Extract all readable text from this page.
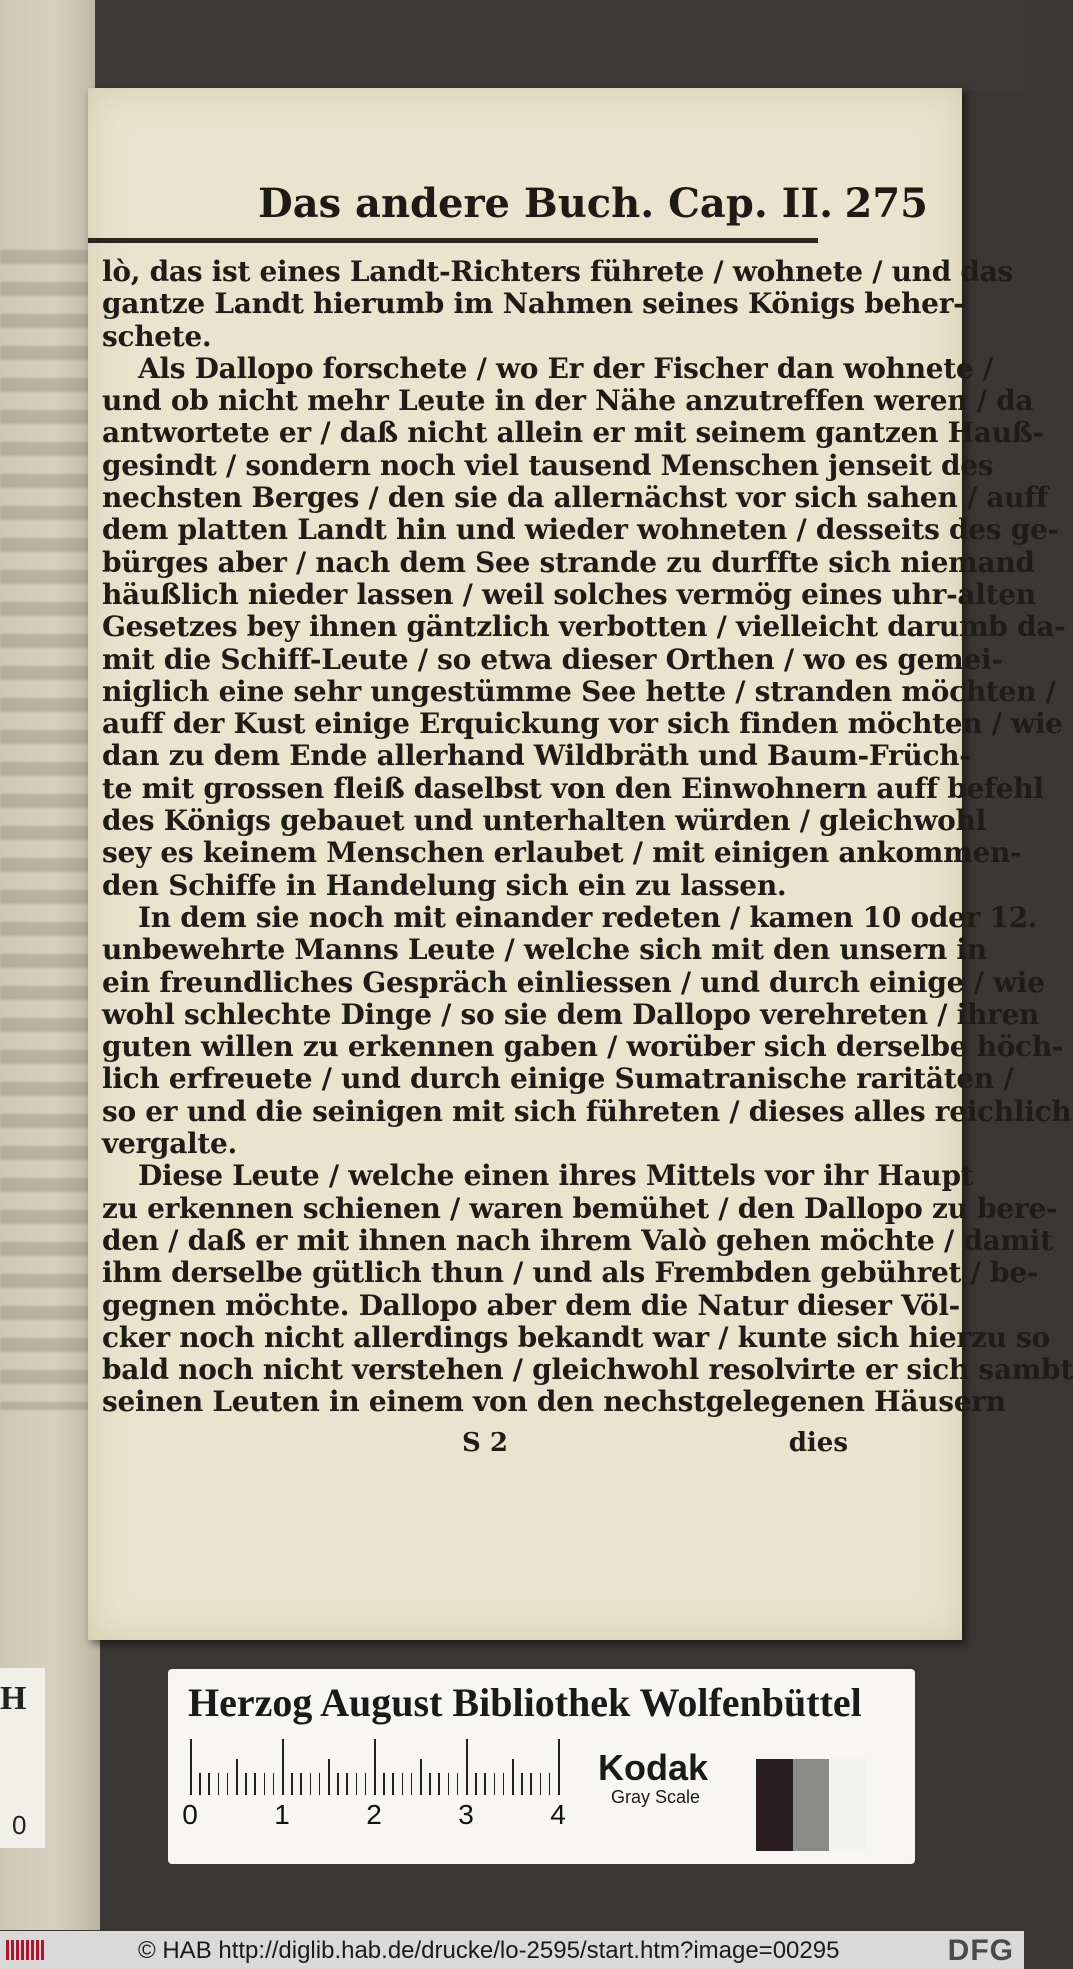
Das andere Buch. Cap. II. 275
lò, das ist eines Landt-Richters führete / wohnete / und das
gantze Landt hierumb im Nahmen seines Königs beher-
schete.
Als Dallopo forschete / wo Er der Fischer dan wohnete /
und ob nicht mehr Leute in der Nähe anzutreffen weren / da
antwortete er / daß nicht allein er mit seinem gantzen Hauß-
gesindt / sondern noch viel tausend Menschen jenseit des
nechsten Berges / den sie da allernächst vor sich sahen / auff
dem platten Landt hin und wieder wohneten / desseits des ge-
bürges aber / nach dem See strande zu durffte sich niemand
häußlich nieder lassen / weil solches vermög eines uhr-alten
Gesetzes bey ihnen gäntzlich verbotten / vielleicht darumb da-
mit die Schiff-Leute / so etwa dieser Orthen / wo es gemei-
niglich eine sehr ungestümme See hette / stranden möchten /
auff der Kust einige Erquickung vor sich finden möchten / wie
dan zu dem Ende allerhand Wildbräth und Baum-Früch-
te mit grossen fleiß daselbst von den Einwohnern auff befehl
des Königs gebauet und unterhalten würden / gleichwohl
sey es keinem Menschen erlaubet / mit einigen ankommen-
den Schiffe in Handelung sich ein zu lassen.
In dem sie noch mit einander redeten / kamen 10 oder 12.
unbewehrte Manns Leute / welche sich mit den unsern in
ein freundliches Gespräch einliessen / und durch einige / wie
wohl schlechte Dinge / so sie dem Dallopo verehreten / ihren
guten willen zu erkennen gaben / worüber sich derselbe höch-
lich erfreuete / und durch einige Sumatranische raritäten /
so er und die seinigen mit sich führeten / dieses alles reichlich
vergalte.
Diese Leute / welche einen ihres Mittels vor ihr Haupt
zu erkennen schienen / waren bemühet / den Dallopo zu bere-
den / daß er mit ihnen nach ihrem Valò gehen möchte / damit
ihm derselbe gütlich thun / und als Frembden gebühret / be-
gegnen möchte. Dallopo aber dem die Natur dieser Völ-
cker noch nicht allerdings bekandt war / kunte sich hierzu so
bald noch nicht verstehen / gleichwohl resolvirte er sich sambt
seinen Leuten in einem von den nechstgelegenen Häusern
S 2	dies
H
0
Herzog August Bibliothek Wolfenbüttel
0	1	2	3	4
Kodak
Gray Scale
© HAB http://diglib.hab.de/drucke/lo-2595/start.htm?image=00295	DFG
